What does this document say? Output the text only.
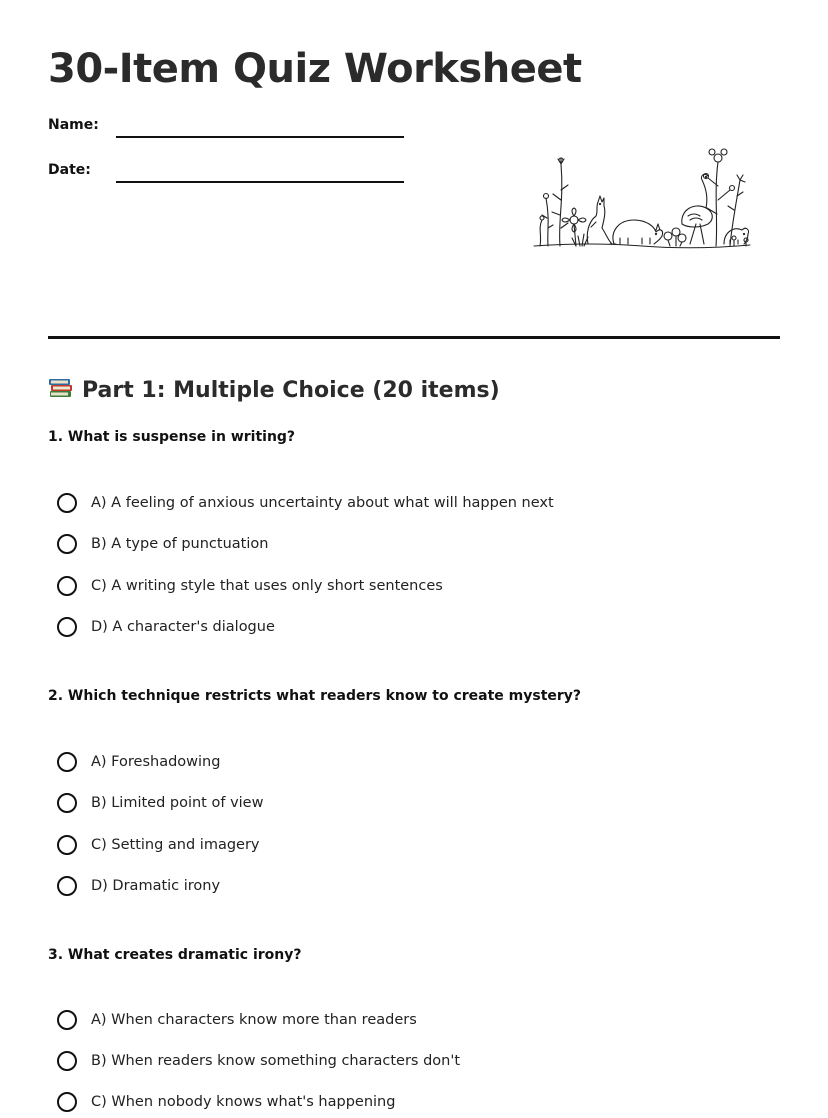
30-Item Quiz Worksheet
Name:
Date:
Part 1: Multiple Choice (20 items)

1. What is suspense in writing?

A) A feeling of anxious uncertainty about what will happen next
B) A type of punctuation
C) A writing style that uses only short sentences
D) A character's dialogue

2. Which technique restricts what readers know to create mystery?

A) Foreshadowing
B) Limited point of view
C) Setting and imagery
D) Dramatic irony

3. What creates dramatic irony?

A) When characters know more than readers
B) When readers know something characters don't
C) When nobody knows what's happening
